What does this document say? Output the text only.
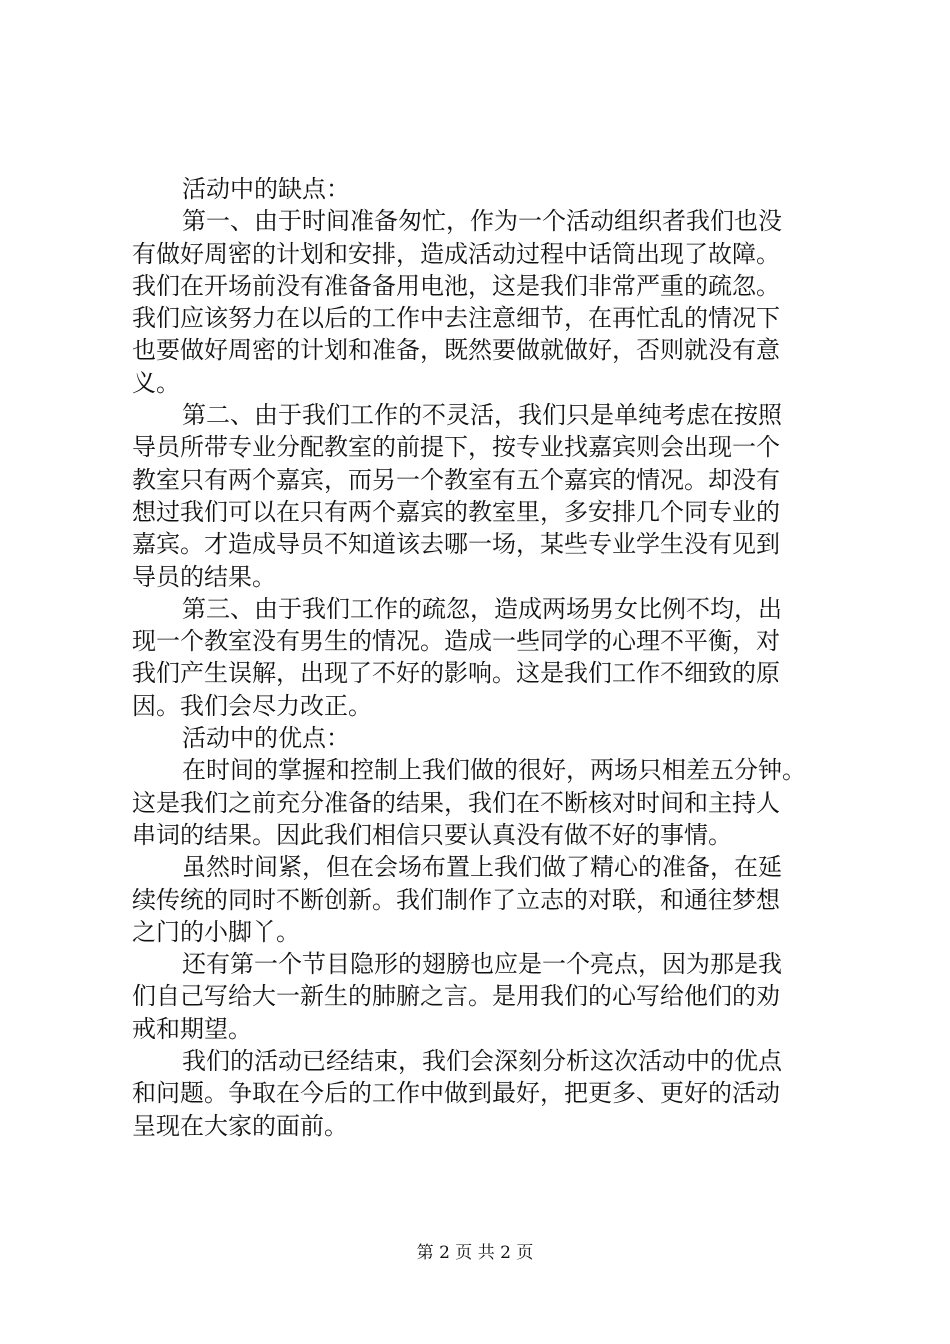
活动中的缺点：
第一、由于时间准备匆忙，作为一个活动组织者我们也没
有做好周密的计划和安排，造成活动过程中话筒出现了故障。
我们在开场前没有准备备用电池，这是我们非常严重的疏忽。
我们应该努力在以后的工作中去注意细节，在再忙乱的情况下
也要做好周密的计划和准备，既然要做就做好，否则就没有意
义。
第二、由于我们工作的不灵活，我们只是单纯考虑在按照
导员所带专业分配教室的前提下，按专业找嘉宾则会出现一个
教室只有两个嘉宾，而另一个教室有五个嘉宾的情况。却没有
想过我们可以在只有两个嘉宾的教室里，多安排几个同专业的
嘉宾。才造成导员不知道该去哪一场，某些专业学生没有见到
导员的结果。
第三、由于我们工作的疏忽，造成两场男女比例不均，出
现一个教室没有男生的情况。造成一些同学的心理不平衡，对
我们产生误解，出现了不好的影响。这是我们工作不细致的原
因。我们会尽力改正。
活动中的优点：
在时间的掌握和控制上我们做的很好，两场只相差五分钟。
这是我们之前充分准备的结果，我们在不断核对时间和主持人
串词的结果。因此我们相信只要认真没有做不好的事情。
虽然时间紧，但在会场布置上我们做了精心的准备，在延
续传统的同时不断创新。我们制作了立志的对联，和通往梦想
之门的小脚丫。
还有第一个节目隐形的翅膀也应是一个亮点，因为那是我
们自己写给大一新生的肺腑之言。是用我们的心写给他们的劝
戒和期望。
我们的活动已经结束，我们会深刻分析这次活动中的优点
和问题。争取在今后的工作中做到最好，把更多、更好的活动
呈现在大家的面前。
第 2 页 共 2 页
